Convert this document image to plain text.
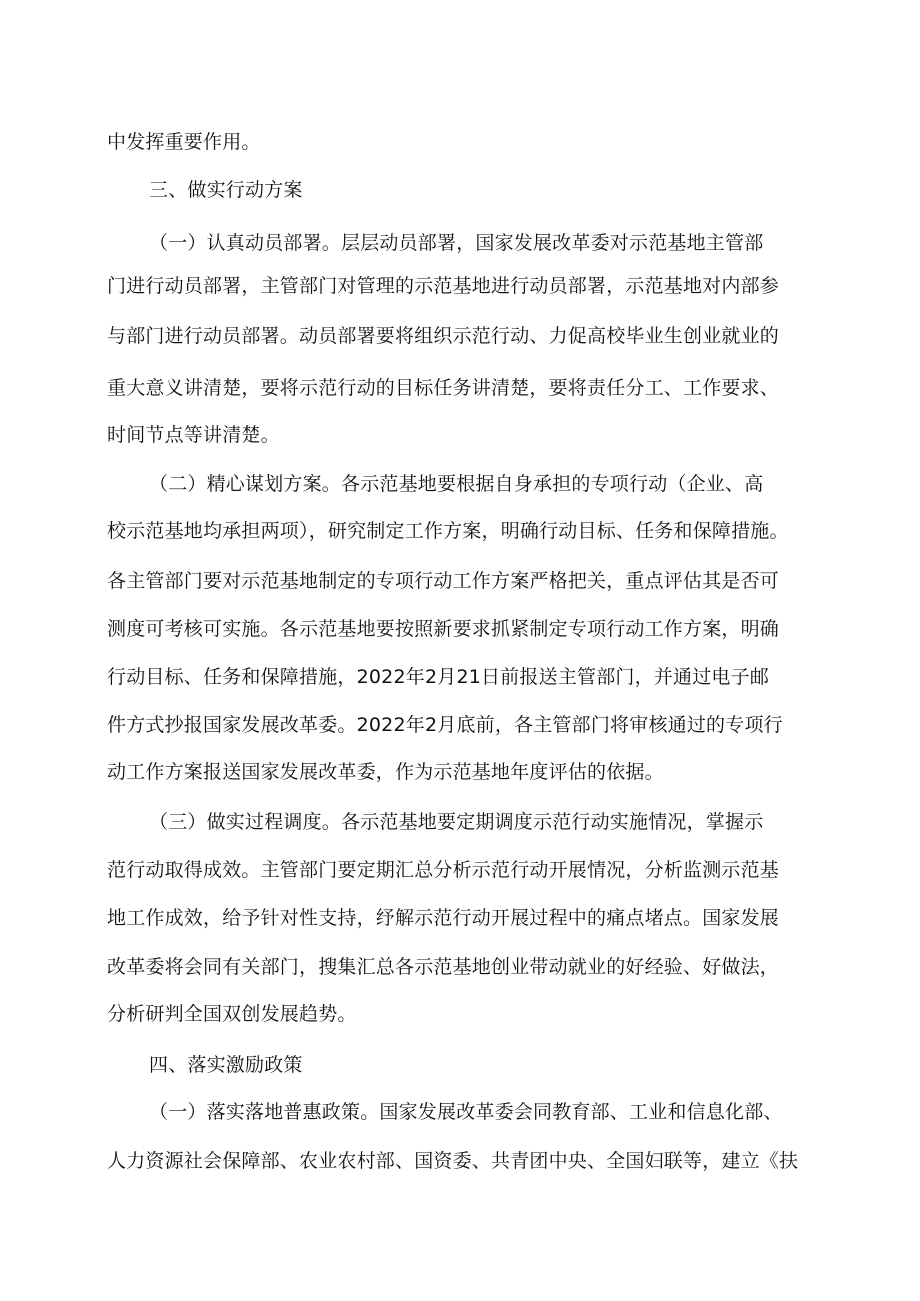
中发挥重要作用。
三、做实行动方案
（一）认真动员部署。层层动员部署，国家发展改革委对示范基地主管部
门进行动员部署，主管部门对管理的示范基地进行动员部署，示范基地对内部参
与部门进行动员部署。动员部署要将组织示范行动、力促高校毕业生创业就业的
重大意义讲清楚，要将示范行动的目标任务讲清楚，要将责任分工、工作要求、
时间节点等讲清楚。
（二）精心谋划方案。各示范基地要根据自身承担的专项行动（企业、高
校示范基地均承担两项），研究制定工作方案，明确行动目标、任务和保障措施。
各主管部门要对示范基地制定的专项行动工作方案严格把关，重点评估其是否可
测度可考核可实施。各示范基地要按照新要求抓紧制定专项行动工作方案，明确
行动目标、任务和保障措施，2022年2月21日前报送主管部门，并通过电子邮
件方式抄报国家发展改革委。2022年2月底前，各主管部门将审核通过的专项行
动工作方案报送国家发展改革委，作为示范基地年度评估的依据。
（三）做实过程调度。各示范基地要定期调度示范行动实施情况，掌握示
范行动取得成效。主管部门要定期汇总分析示范行动开展情况，分析监测示范基
地工作成效，给予针对性支持，纾解示范行动开展过程中的痛点堵点。国家发展
改革委将会同有关部门，搜集汇总各示范基地创业带动就业的好经验、好做法，
分析研判全国双创发展趋势。
四、落实激励政策
（一）落实落地普惠政策。国家发展改革委会同教育部、工业和信息化部、
人力资源社会保障部、农业农村部、国资委、共青团中央、全国妇联等，建立《扶
